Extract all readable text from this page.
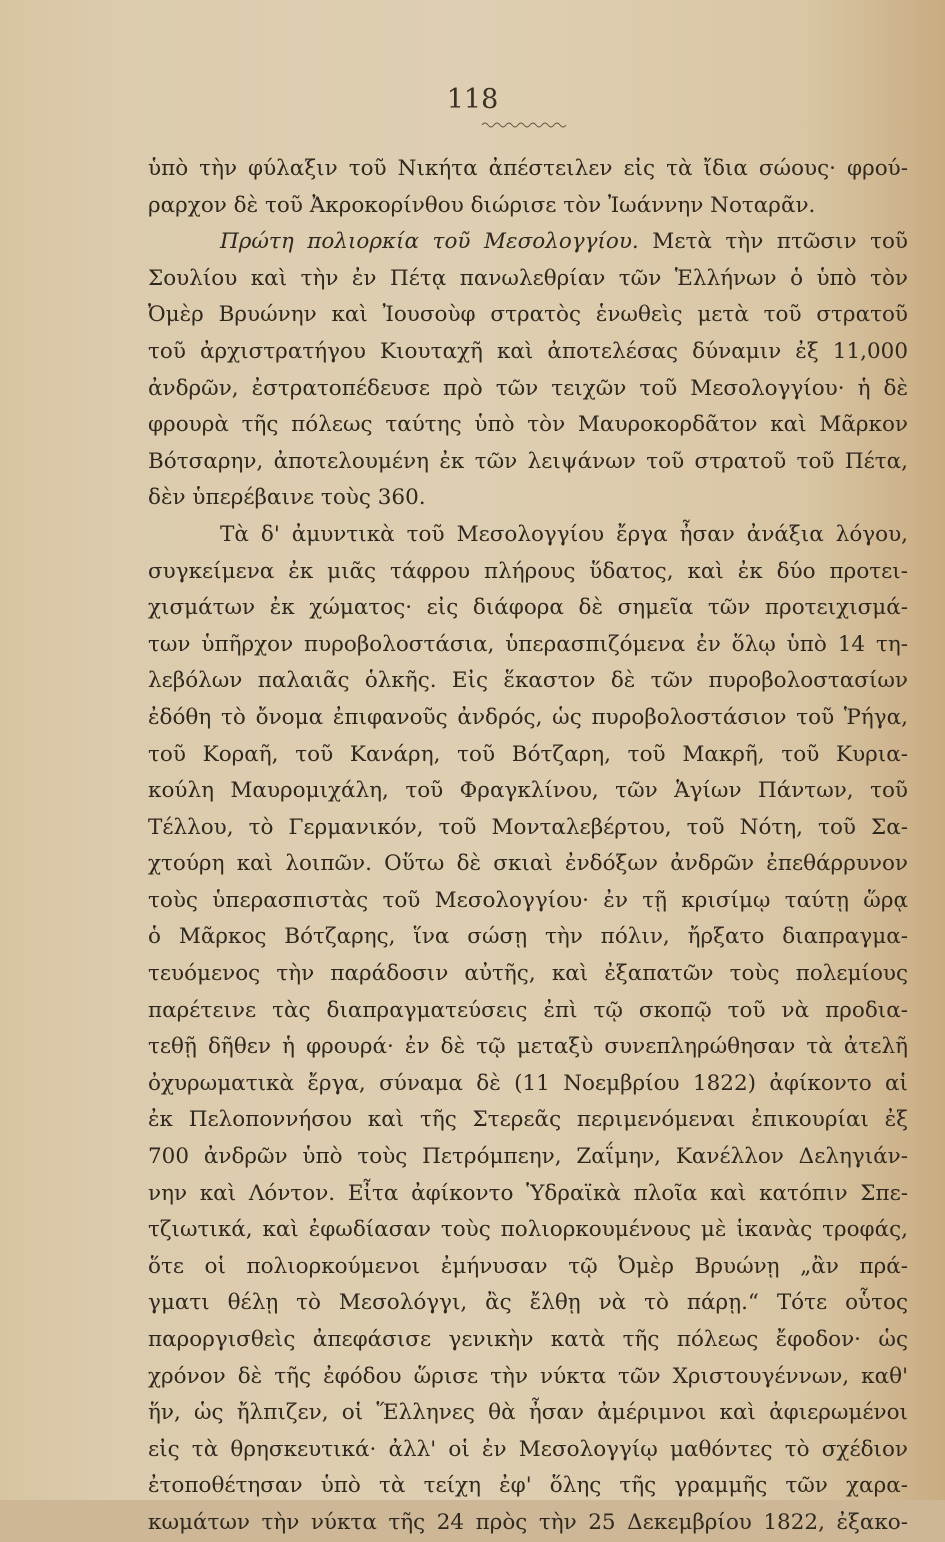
118
ὑπὸ τὴν φύλαξιν τοῦ Νικήτα ἀπέστειλεν εἰς τὰ ἴδια σώους· φρού-
ραρχον δὲ τοῦ Ἀκροκορίνθου διώρισε τὸν Ἰωάννην Νοταρᾶν.
Πρώτη πολιορκία τοῦ Μεσολογγίου. Μετὰ τὴν πτῶσιν τοῦ
Σουλίου καὶ τὴν ἐν Πέτᾳ πανωλεθρίαν τῶν Ἑλλήνων ὁ ὑπὸ τὸν
Ὀμὲρ Βρυώνην καὶ Ἰουσοὺφ στρατὸς ἑνωθεὶς μετὰ τοῦ στρατοῦ
τοῦ ἀρχιστρατήγου Κιουταχῆ καὶ ἀποτελέσας δύναμιν ἐξ 11,000
ἀνδρῶν, ἐστρατοπέδευσε πρὸ τῶν τειχῶν τοῦ Μεσολογγίου· ἡ δὲ
φρουρὰ τῆς πόλεως ταύτης ὑπὸ τὸν Μαυροκορδᾶτον καὶ Μᾶρκον
Βότσαρην, ἀποτελουμένη ἐκ τῶν λειψάνων τοῦ στρατοῦ τοῦ Πέτα,
δὲν ὑπερέβαινε τοὺς 360.
Τὰ δ' ἀμυντικὰ τοῦ Μεσολογγίου ἔργα ἦσαν ἀνάξια λόγου,
συγκείμενα ἐκ μιᾶς τάφρου πλήρους ὕδατος, καὶ ἐκ δύο προτει-
χισμάτων ἐκ χώματος· εἰς διάφορα δὲ σημεῖα τῶν προτειχισμά-
των ὑπῆρχον πυροβολοστάσια, ὑπερασπιζόμενα ἐν ὅλῳ ὑπὸ 14 τη-
λεβόλων παλαιᾶς ὁλκῆς. Εἰς ἕκαστον δὲ τῶν πυροβολοστασίων
ἐδόθη τὸ ὄνομα ἐπιφανοῦς ἀνδρός, ὡς πυροβολοστάσιον τοῦ Ῥήγα,
τοῦ Κοραῆ, τοῦ Κανάρη, τοῦ Βότζαρη, τοῦ Μακρῆ, τοῦ Κυρια-
κούλη Μαυρομιχάλη, τοῦ Φραγκλίνου, τῶν Ἁγίων Πάντων, τοῦ
Τέλλου, τὸ Γερμανικόν, τοῦ Μονταλεβέρτου, τοῦ Νότη, τοῦ Σα-
χτούρη καὶ λοιπῶν. Οὕτω δὲ σκιαὶ ἐνδόξων ἀνδρῶν ἐπεθάρρυνον
τοὺς ὑπερασπιστὰς τοῦ Μεσολογγίου· ἐν τῇ κρισίμῳ ταύτῃ ὥρᾳ
ὁ Μᾶρκος Βότζαρης, ἵνα σώσῃ τὴν πόλιν, ἤρξατο διαπραγμα-
τευόμενος τὴν παράδοσιν αὐτῆς, καὶ ἐξαπατῶν τοὺς πολεμίους
παρέτεινε τὰς διαπραγματεύσεις ἐπὶ τῷ σκοπῷ τοῦ νὰ προδια-
τεθῇ δῆθεν ἡ φρουρά· ἐν δὲ τῷ μεταξὺ συνεπληρώθησαν τὰ ἀτελῆ
ὀχυρωματικὰ ἔργα, σύναμα δὲ (11 Νοεμβρίου 1822) ἀφίκοντο αἱ
ἐκ Πελοποννήσου καὶ τῆς Στερεᾶς περιμενόμεναι ἐπικουρίαι ἐξ
700 ἀνδρῶν ὑπὸ τοὺς Πετρόμπεην, Ζαΐμην, Κανέλλον Δεληγιάν-
νην καὶ Λόντον. Εἶτα ἀφίκοντο Ὑδραϊκὰ πλοῖα καὶ κατόπιν Σπε-
τζιωτικά, καὶ ἐφωδίασαν τοὺς πολιορκουμένους μὲ ἱκανὰς τροφάς,
ὅτε οἱ πολιορκούμενοι ἐμήνυσαν τῷ Ὀμὲρ Βρυώνῃ „ἂν πρά-
γματι θέλῃ τὸ Μεσολόγγι, ἂς ἔλθῃ νὰ τὸ πάρῃ.“ Τότε οὗτος
παροργισθεὶς ἀπεφάσισε γενικὴν κατὰ τῆς πόλεως ἔφοδον· ὡς
χρόνον δὲ τῆς ἐφόδου ὥρισε τὴν νύκτα τῶν Χριστουγέννων, καθ'
ἥν, ὡς ἤλπιζεν, οἱ Ἕλληνες θὰ ἦσαν ἀμέριμνοι καὶ ἀφιερωμένοι
εἰς τὰ θρησκευτικά· ἀλλ' οἱ ἐν Μεσολογγίῳ μαθόντες τὸ σχέδιον
ἐτοποθέτησαν ὑπὸ τὰ τείχη ἐφ' ὅλης τῆς γραμμῆς τῶν χαρα-
κωμάτων τὴν νύκτα τῆς 24 πρὸς τὴν 25 Δεκεμβρίου 1822, ἐξακο-
